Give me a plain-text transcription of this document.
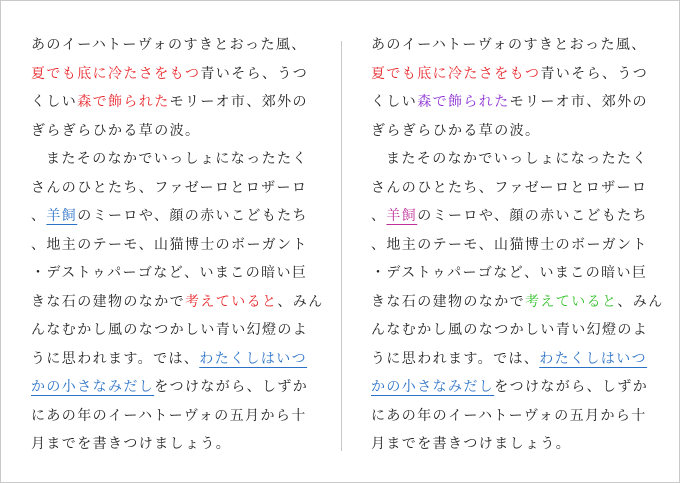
あのイーハトーヴォのすきとおった風、
夏でも底に冷たさをもつ青いそら、うつ
くしい森で飾られたモリーオ市、郊外の
ぎらぎらひかる草の波。
またそのなかでいっしょになったたく
さんのひとたち、ファゼーロとロザーロ
、羊飼のミーロや、顔の赤いこどもたち
、地主のテーモ、山猫博士のボーガント
・デストゥパーゴなど、いまこの暗い巨
きな石の建物のなかで考えていると、みん
んなむかし風のなつかしい青い幻燈のよ
うに思われます。では、わたくしはいつ
かの小さなみだしをつけながら、しずか
にあの年のイーハトーヴォの五月から十
月までを書きつけましょう。
あのイーハトーヴォのすきとおった風、
夏でも底に冷たさをもつ青いそら、うつ
くしい森で飾られたモリーオ市、郊外の
ぎらぎらひかる草の波。
またそのなかでいっしょになったたく
さんのひとたち、ファゼーロとロザーロ
、羊飼のミーロや、顔の赤いこどもたち
、地主のテーモ、山猫博士のボーガント
・デストゥパーゴなど、いまこの暗い巨
きな石の建物のなかで考えていると、みん
んなむかし風のなつかしい青い幻燈のよ
うに思われます。では、わたくしはいつ
かの小さなみだしをつけながら、しずか
にあの年のイーハトーヴォの五月から十
月までを書きつけましょう。
